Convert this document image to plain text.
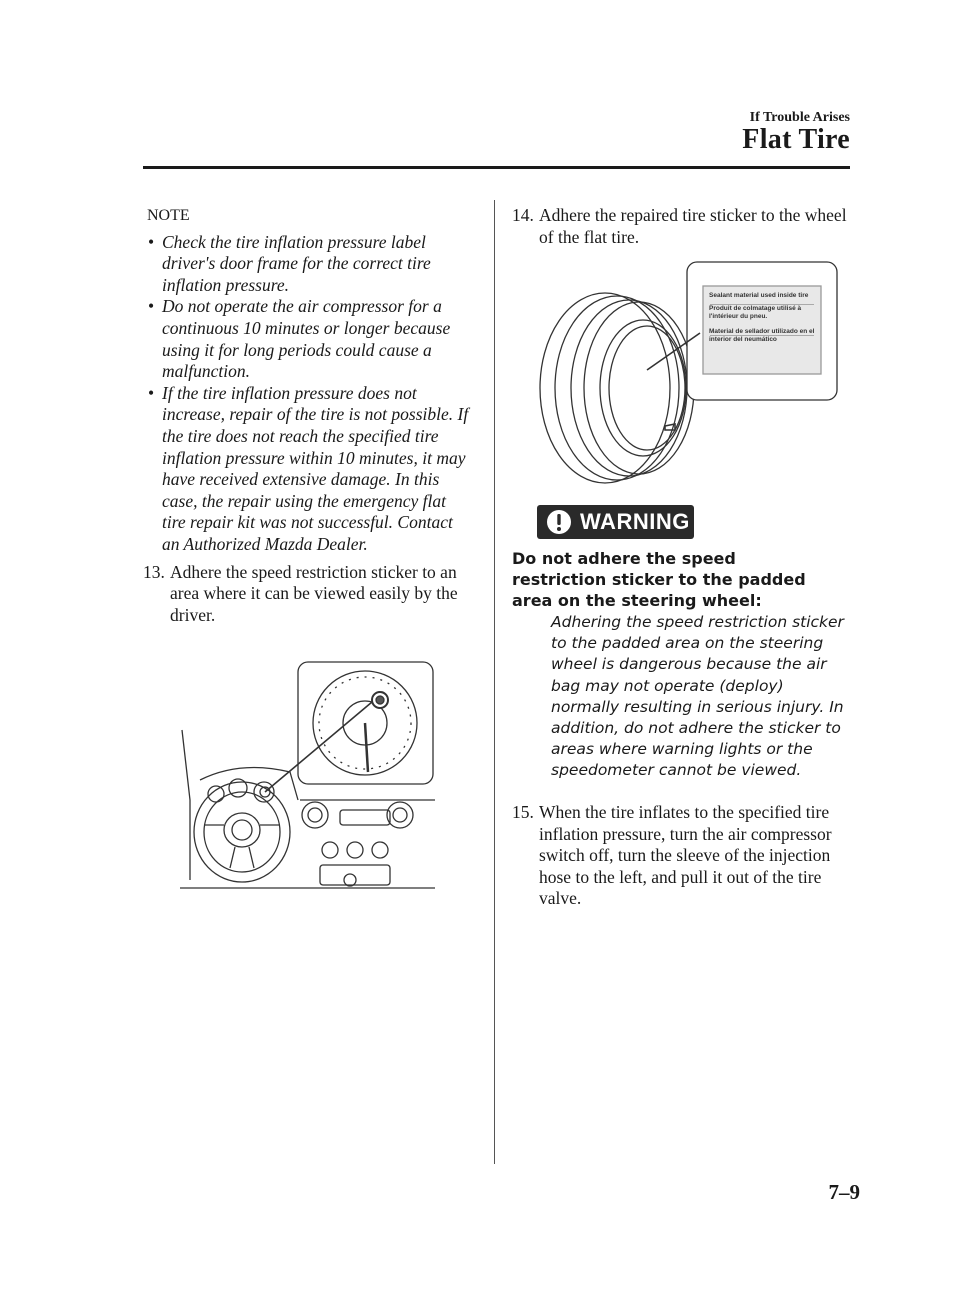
If Trouble Arises
Flat Tire
NOTE
• Check the tire inflation pressure label driver's door frame for the correct tire inflation pressure.
• Do not operate the air compressor for a continuous 10 minutes or longer because using it for long periods could cause a malfunction.
• If the tire inflation pressure does not increase, repair of the tire is not possible. If the tire does not reach the specified tire inflation pressure within 10 minutes, it may have received extensive damage. In this case, the repair using the emergency flat tire repair kit was not successful. Contact an Authorized Mazda Dealer.
13. Adhere the speed restriction sticker to an area where it can be viewed easily by the driver.
14. Adhere the repaired tire sticker to the wheel of the flat tire.
Sealant material used inside tire
Produit de colmatage utilisé à l'intérieur du pneu.
Material de sellador utilizado en el interior del neumático
WARNING
Do not adhere the speed restriction sticker to the padded area on the steering wheel:
Adhering the speed restriction sticker to the padded area on the steering wheel is dangerous because the air bag may not operate (deploy) normally resulting in serious injury. In addition, do not adhere the sticker to areas where warning lights or the speedometer cannot be viewed.
15. When the tire inflates to the specified tire inflation pressure, turn the air compressor switch off, turn the sleeve of the injection hose to the left, and pull it out of the tire valve.
7–9
